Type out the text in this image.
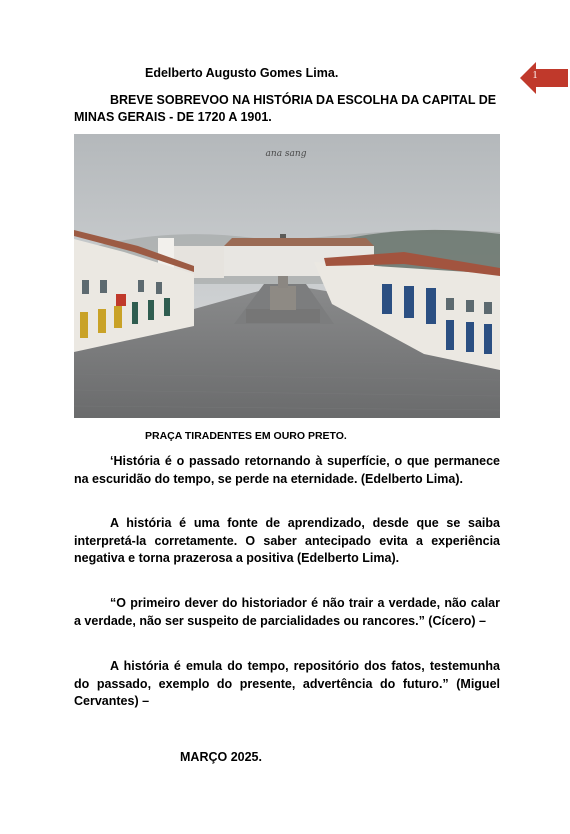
Edelberto Augusto Gomes Lima.	1
BREVE SOBREVOO NA HISTÓRIA DA ESCOLHA DA CAPITAL DE MINAS GERAIS - DE 1720 A 1901.
ana sang
PRAÇA TIRADENTES EM OURO PRETO.
‘História é o passado retornando à superfície, o que permanece na escuridão do tempo, se perde na eternidade. (Edelberto Lima).
A história é uma fonte de aprendizado, desde que se saiba interpretá-la corretamente. O saber antecipado evita a experiência negativa e torna prazerosa a positiva (Edelberto Lima).
“O primeiro dever do historiador é não trair a verdade, não calar a verdade, não ser suspeito de parcialidades ou rancores.” (Cícero) –
A história é emula do tempo, repositório dos fatos, testemunha do passado, exemplo do presente, advertência do futuro.” (Miguel Cervantes) –
MARÇO 2025.
